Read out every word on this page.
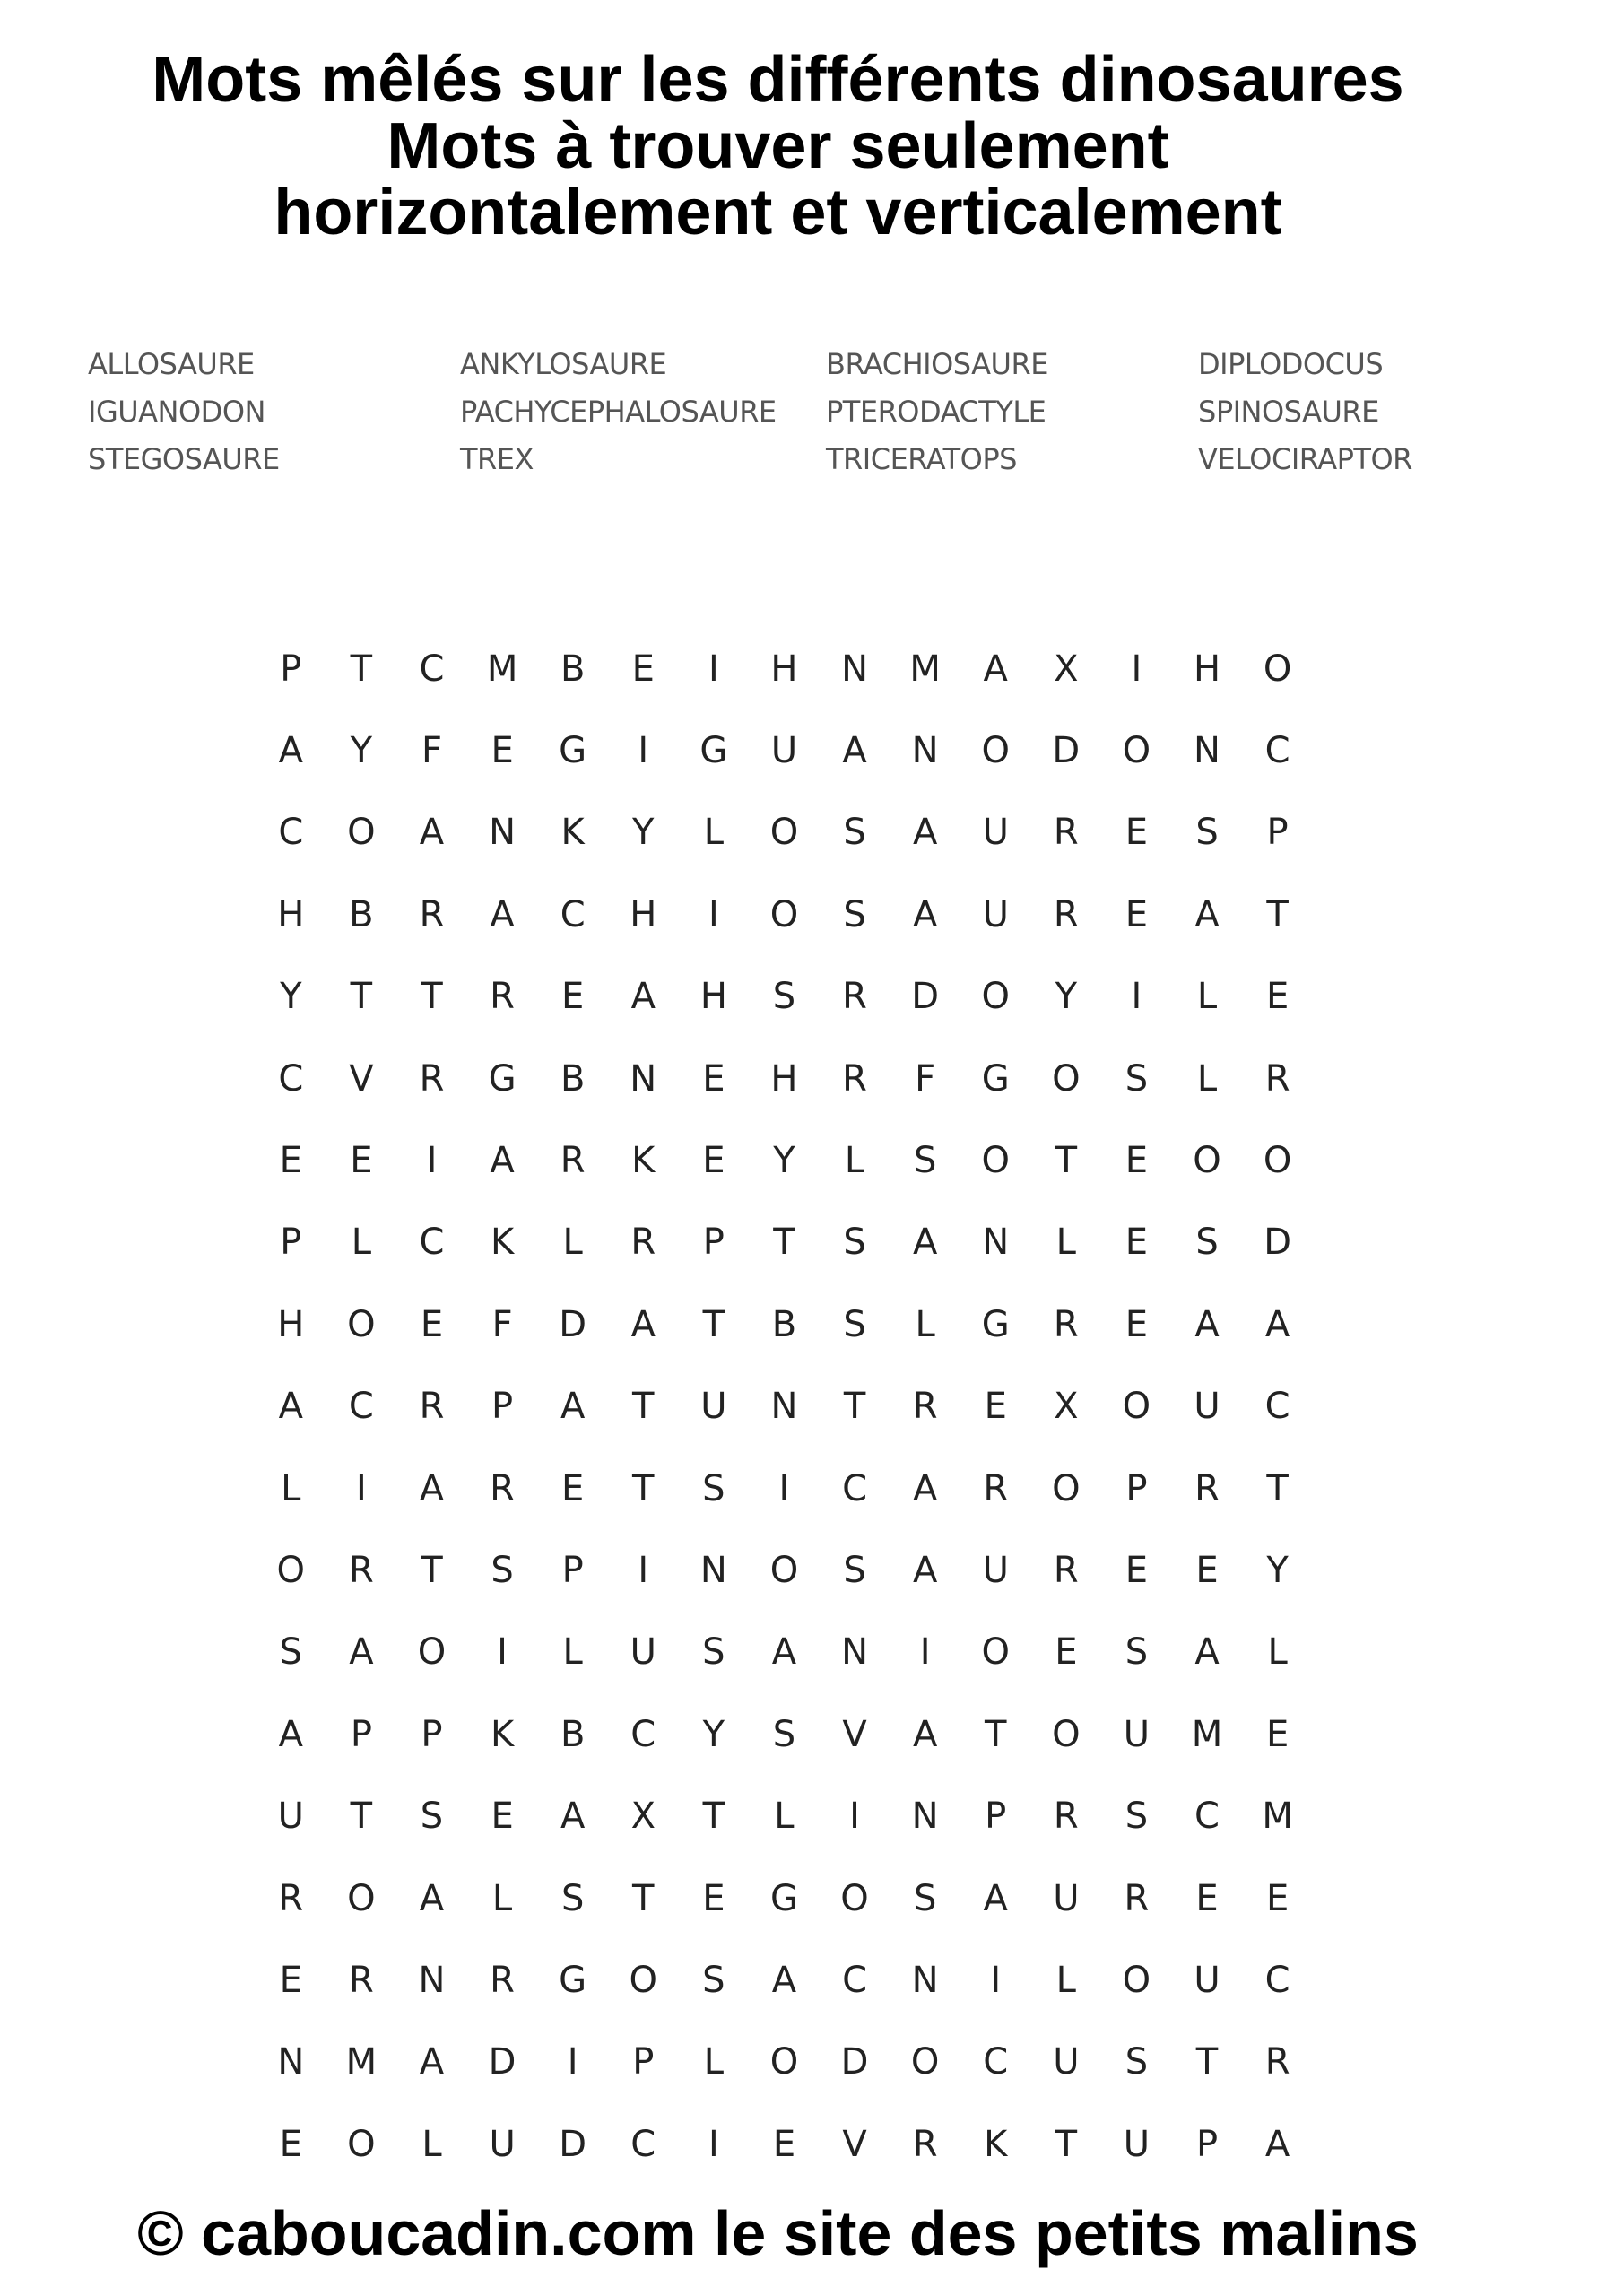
Mots mêlés sur les différents dinosaures
Mots à trouver seulement
horizontalement et verticalement
ALLOSAURE	ANKYLOSAURE	BRACHIOSAURE	DIPLODOCUS
IGUANODON	PACHYCEPHALOSAURE	PTERODACTYLE	SPINOSAURE
STEGOSAURE	TREX	TRICERATOPS	VELOCIRAPTOR
P	T	C	M	B	E	I	H	N	M	A	X	I	H	O
A	Y	F	E	G	I	G	U	A	N	O	D	O	N	C
C	O	A	N	K	Y	L	O	S	A	U	R	E	S	P
H	B	R	A	C	H	I	O	S	A	U	R	E	A	T
Y	T	T	R	E	A	H	S	R	D	O	Y	I	L	E
C	V	R	G	B	N	E	H	R	F	G	O	S	L	R
E	E	I	A	R	K	E	Y	L	S	O	T	E	O	O
P	L	C	K	L	R	P	T	S	A	N	L	E	S	D
H	O	E	F	D	A	T	B	S	L	G	R	E	A	A
A	C	R	P	A	T	U	N	T	R	E	X	O	U	C
L	I	A	R	E	T	S	I	C	A	R	O	P	R	T
O	R	T	S	P	I	N	O	S	A	U	R	E	E	Y
S	A	O	I	L	U	S	A	N	I	O	E	S	A	L
A	P	P	K	B	C	Y	S	V	A	T	O	U	M	E
U	T	S	E	A	X	T	L	I	N	P	R	S	C	M
R	O	A	L	S	T	E	G	O	S	A	U	R	E	E
E	R	N	R	G	O	S	A	C	N	I	L	O	U	C
N	M	A	D	I	P	L	O	D	O	C	U	S	T	R
E	O	L	U	D	C	I	E	V	R	K	T	U	P	A
© caboucadin.com le site des petits malins
